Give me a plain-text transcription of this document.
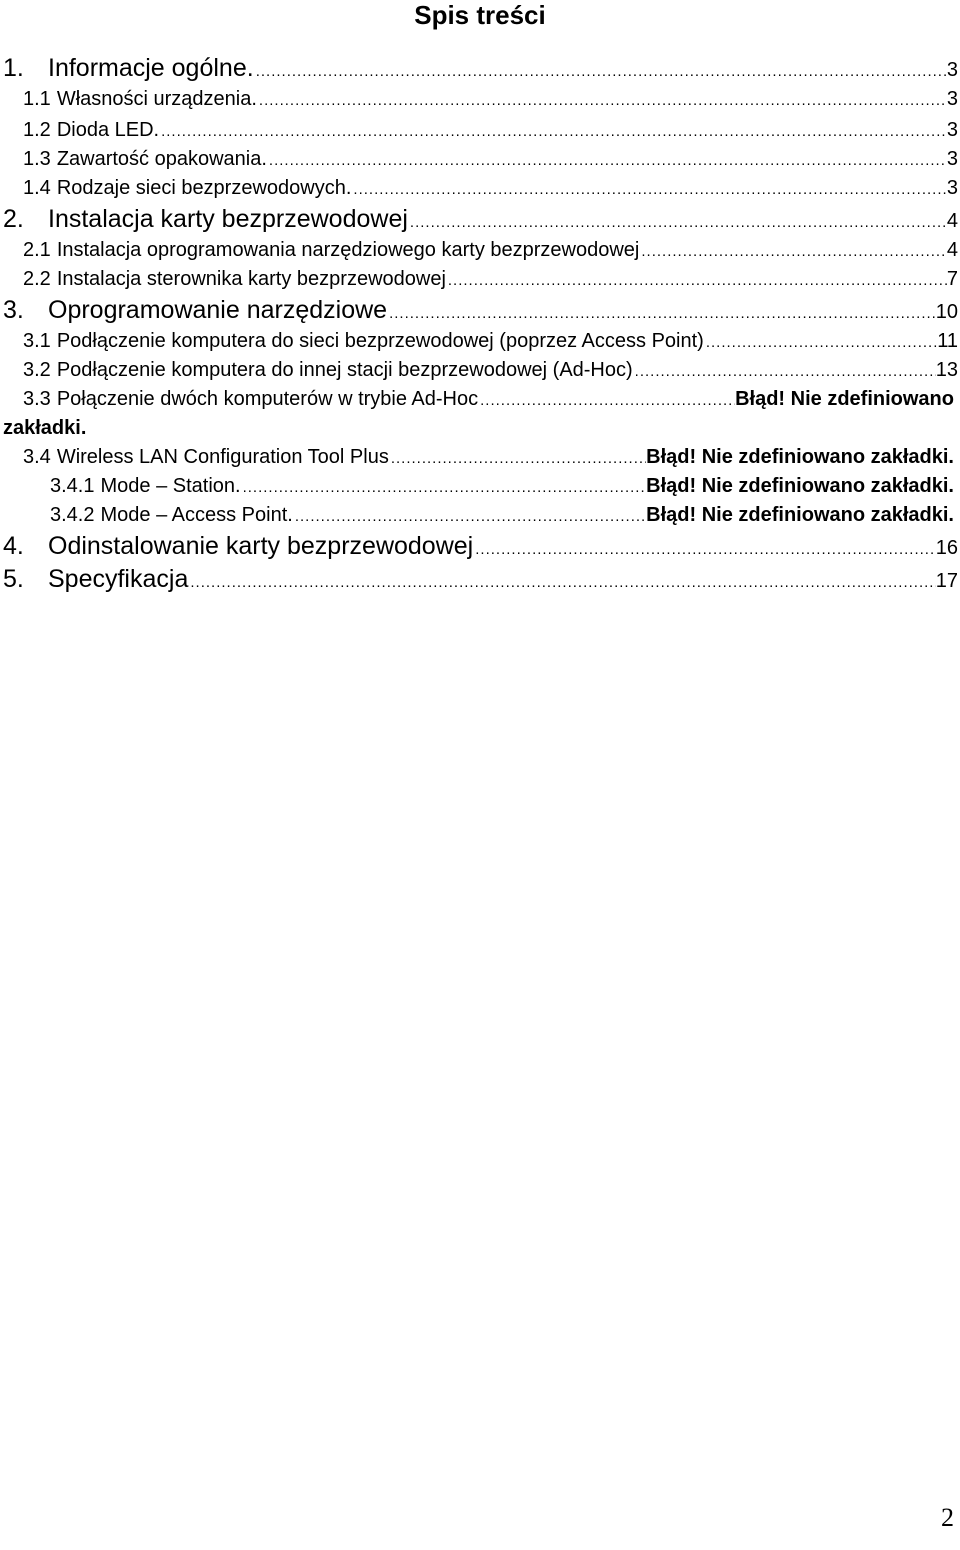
Spis treści
1. Informacje ogólne. .....	3
1.1 Własności urządzenia. .....	3
1.2 Dioda LED. .....	3
1.3 Zawartość opakowania. .....	3
1.4 Rodzaje sieci bezprzewodowych. .....	3
2. Instalacja karty bezprzewodowej .....	4
2.1 Instalacja oprogramowania narzędziowego karty bezprzewodowej .....	4
2.2 Instalacja sterownika karty bezprzewodowej .....	7
3. Oprogramowanie narzędziowe .....	10
3.1 Podłączenie komputera do sieci bezprzewodowej (poprzez Access Point) .....	11
3.2 Podłączenie komputera do innej stacji bezprzewodowej (Ad-Hoc) .....	13
3.3 Połączenie dwóch komputerów w trybie Ad-Hoc .....	Błąd! Nie zdefiniowano
zakładki.
3.4 Wireless LAN Configuration Tool Plus .....	Błąd! Nie zdefiniowano zakładki.
3.4.1 Mode – Station. .....	Błąd! Nie zdefiniowano zakładki.
3.4.2 Mode – Access Point. .....	Błąd! Nie zdefiniowano zakładki.
4. Odinstalowanie karty bezprzewodowej .....	16
5. Specyfikacja .....	17
2
